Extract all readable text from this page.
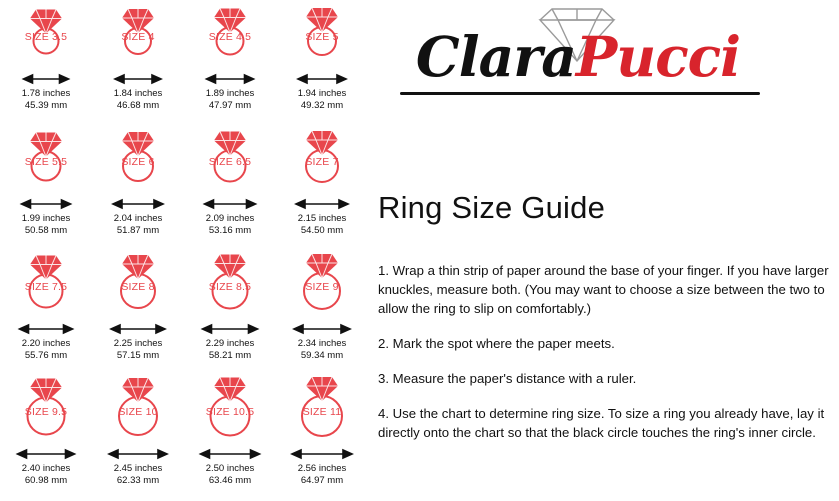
SIZE 3.5
1.78 inches
45.39 mm
SIZE 4
1.84 inches
46.68 mm
SIZE 4.5
1.89 inches
47.97 mm
SIZE 5
1.94 inches
49.32 mm
SIZE 5.5
1.99 inches
50.58 mm
SIZE 6
2.04 inches
51.87 mm
SIZE 6.5
2.09 inches
53.16 mm
SIZE 7
2.15 inches
54.50 mm
SIZE 7.5
2.20 inches
55.76 mm
SIZE 8
2.25 inches
57.15 mm
SIZE 8.5
2.29 inches
58.21 mm
SIZE 9
2.34 inches
59.34 mm
SIZE 9.5
2.40 inches
60.98 mm
SIZE 10
2.45 inches
62.33 mm
SIZE 10.5
2.50 inches
63.46 mm
SIZE 11
2.56 inches
64.97 mm
ClaraPucci
Ring Size Guide

1. Wrap a thin strip of paper around the base of your finger. If you have larger knuckles, measure both. (You may want to choose a size between the two to allow the ring to slip on comfortably.)

2. Mark the spot where the paper meets.

3. Measure the paper's distance with a ruler.

4. Use the chart to determine ring size. To size a ring you already have, lay it directly onto the chart so that the black circle touches the ring's inner circle.
